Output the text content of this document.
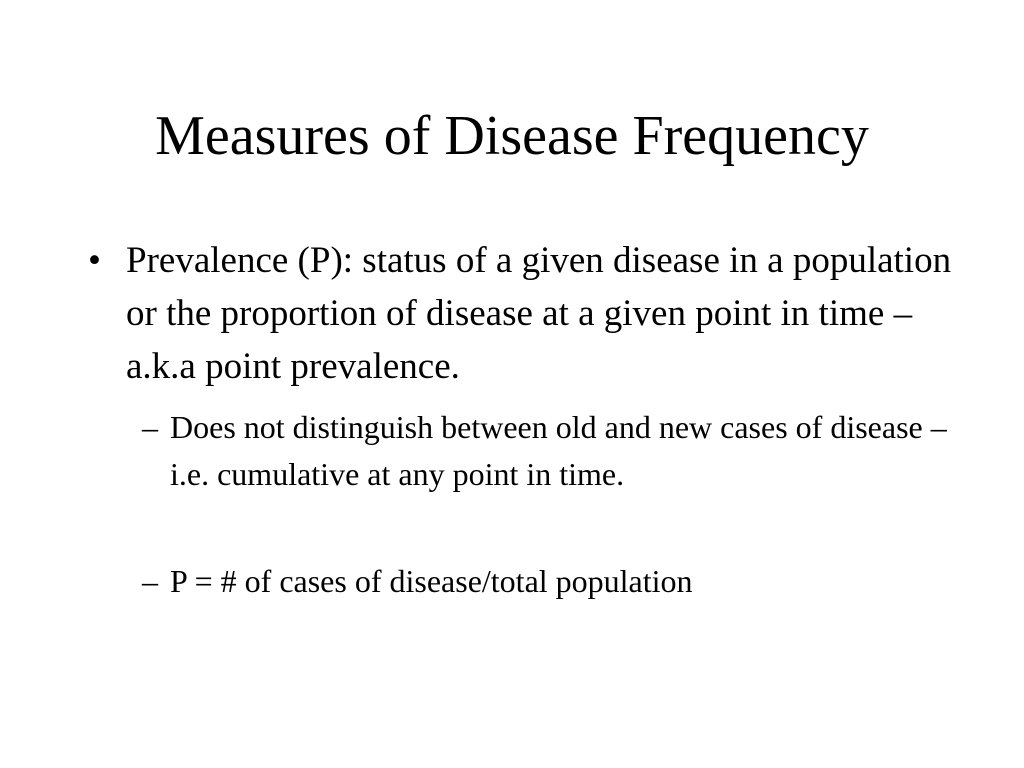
Measures of Disease Frequency
• Prevalence (P): status of a given disease in a population or the proportion of disease at a given point in time – a.k.a point prevalence.
– Does not distinguish between old and new cases of disease – i.e. cumulative at any point in time.
– P = # of cases of disease/total population
